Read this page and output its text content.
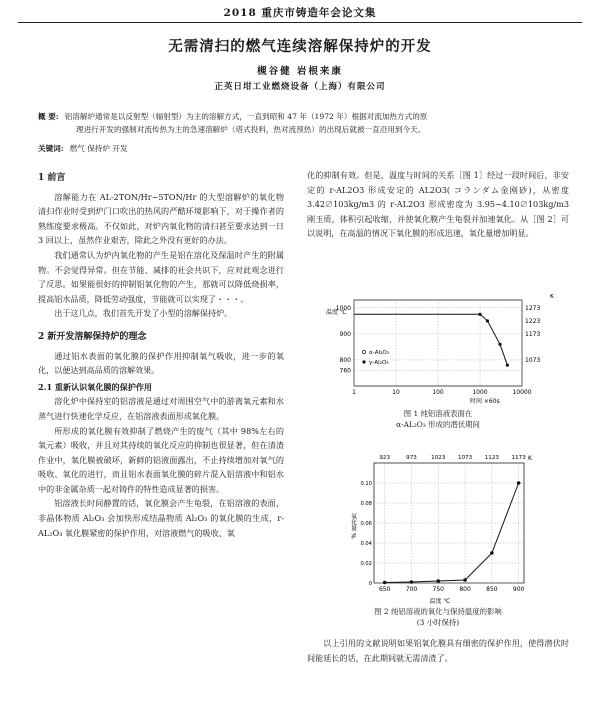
2018 重庆市铸造年会论文集
无需清扫的燃气连续溶解保持炉的开发
槻谷健 岩根来康
正英日坩工业燃烧设备（上海）有限公司
概 要: 铝溶解炉通常是以反射型（辐射型）为主的溶解方式，一直到昭和 47 年（1972 年）根据对流加热方式的原
理进行开发的强制对流传热为主的急速溶解炉（塔式投料，热对流预热）的出现后就被一直沿用到今天。
关键词: 燃气 保持炉 开发
1 前言

溶解能力在 AL-2TON/Hr~5TON/Hr 的大型溶解炉的氧化物清扫作业时受到炉门口吹出的热风的严酷环境影响下，对于操作者的熟练度要求极高。不仅如此，对炉内氧化物的清扫甚至要求达到一日 3 回以上，虽然作业艰苦，除此之外没有更好的办法。

我们通常认为炉内氧化物的产生是铝在溶化及保温时产生的附属物。不会觉得异常。但在节能、减排的社会共识下，应对此观念进行了反思。如果能很好的抑制铝氧化物的产生，那就可以降低烧损率，提高铝水品质，降低劳动强度，节能就可以实现了・・・。

出于这几点，我们首先开发了小型的溶解保持炉。

2 新开发溶解保持炉的理念

通过铝水表面的氧化膜的保护作用抑制氧气吸收，进一步的氧化，以便达到高品质的溶解效果。

2.1 重新认识氧化膜的保护作用

溶化炉中保持室的铝溶液是通过对周围空气中的游离氧元素和水蒸气进行快速化学反应，在铝溶液表面形成氧化膜。

所形成的氧化膜有效抑制了燃烧产生的废气（其中 98%左右的氧元素）吸收，并且对其持续的氧化反应的抑制也很显著，但在清渣作业中，氧化膜被破坏，新鲜的铝液面露出，不止持续增加对氧气的吸收、氧化的进行，而且铝水表面氧化膜的碎片混入铝溶液中和铝水中的非金属杂质一起对铸件的特性造成显著的损害。

铝溶液长时间静置的话，氧化膜会产生龟裂，在铝溶液的表面，非晶体物质 Al₂O₃ 会加快形成结晶物质 Al₂O₃ 的氧化膜的生成，r-AL₂O₃ 氧化膜紧密的保护作用，对溶液燃气的吸收、氧

化的抑制有效。但是，温度与时间的关系［图 1］经过一段时间后，非安定的 r-AL2O3 形成安定的 AL2O3( コランダム金刚砂)，从密度 3.42∅103kg/m3 的 r-AL2O3 形成密度为 3.95~4.10∅103kg/m3 刚玉质，体积引起收缩，并使氧化膜产生龟裂并加速氧化。从［图 2］可以说明，在高温的情况下氧化膜的形成迅速，氧化量增加明显。

1	10	100	1000	10000
760
800
900
1000
1073
1173
1223
1273
α-Al₂O₃
γ-Al₂O₃
温度 ℃
K
时间 ×60s
图 1 纯铝溶液表面在
α-AL₂O₃ 形成的潜伏期间
650
923
700
973
750
1023
800
1073
850
1123
900
1173
0
0.02
0.04
0.06
0.08
0.10
K
温度 ℃
氧化量 %
图 2 纯铝溶液的氧化与保持温度的影响
(3 小时保持)

以上引用的文献说明如果铝氧化膜具有细密的保护作用，使得潜伏时间能延长的话，在此期间就无需清渣了。
